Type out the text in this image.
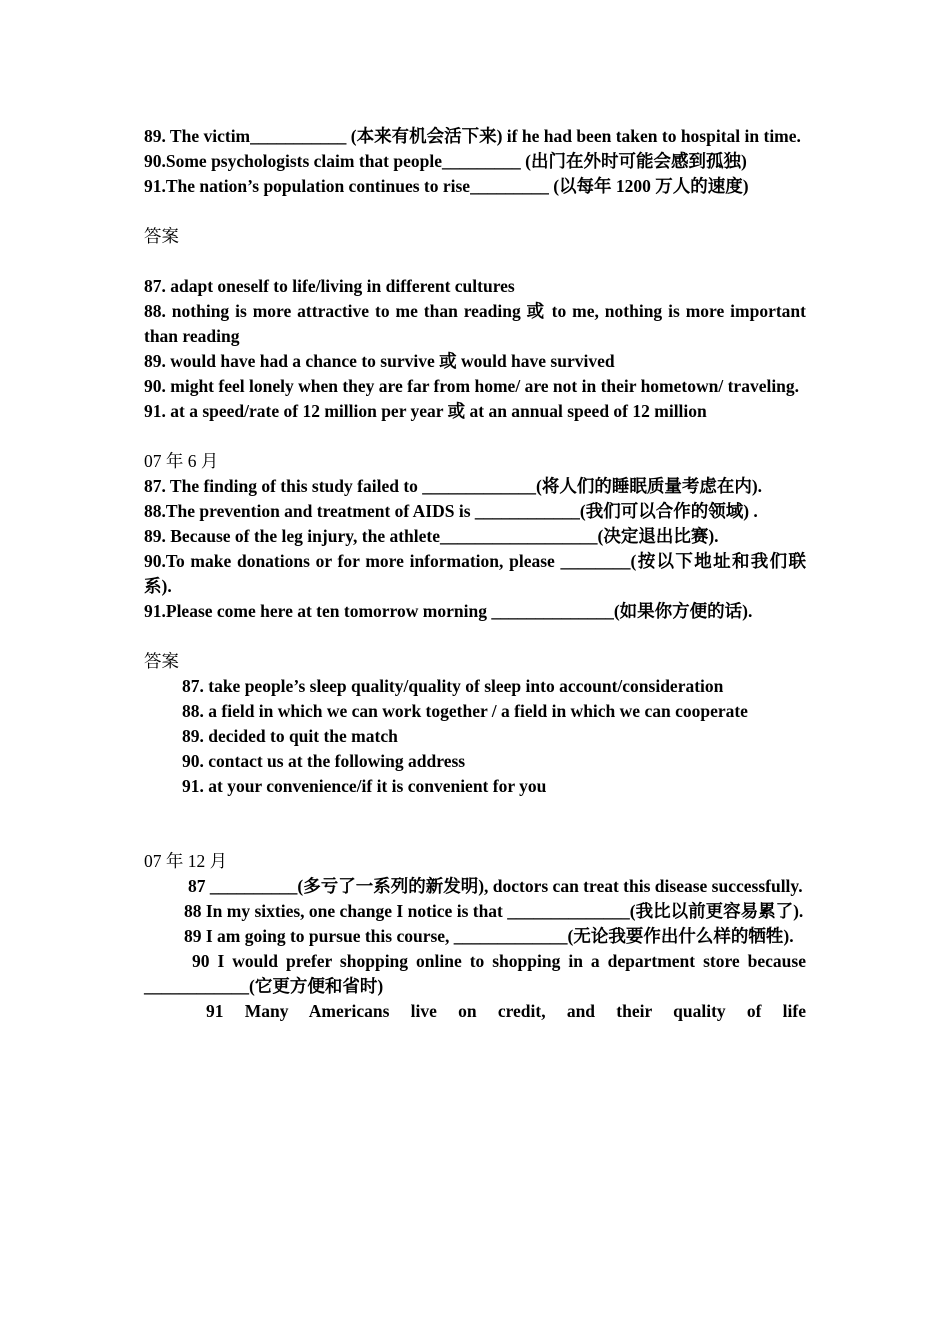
89. The victim___________ (本来有机会活下来) if he had been taken to hospital in time.

90.Some psychologists claim that people_________ (出门在外时可能会感到孤独)

91.The nation’s population continues to rise_________ (以每年 1200 万人的速度)

答案

87. adapt oneself to life/living in different cultures

88. nothing is more attractive to me than reading 或 to me, nothing is more important than reading

89. would have had a chance to survive 或 would have survived

90. might feel lonely when they are far from home/ are not in their hometown/ traveling.

91. at a speed/rate of 12 million per year 或 at an annual speed of 12 million

07 年 6 月

87. The finding of this study failed to _____________(将人们的睡眠质量考虑在内).

88.The prevention and treatment of AIDS is ____________(我们可以合作的领域) .

89. Because of the leg injury, the athlete__________________(决定退出比赛).

90.To make donations or for more information, please ________(按以下地址和我们联系).

91.Please come here at ten tomorrow morning ______________(如果你方便的话).

答案

87. take people’s sleep quality/quality of sleep into account/consideration

88. a field in which we can work together / a field in which we can cooperate

89. decided to quit the match

90. contact us at the following address

91. at your convenience/if it is convenient for you

07 年 12 月

87 __________(多亏了一系列的新发明), doctors can treat this disease successfully.

88 In my sixties, one change I notice is that ______________(我比以前更容易累了).

89 I am going to pursue this course, _____________(无论我要作出什么样的牺牲).

90 I would prefer shopping online to shopping in a department store because ____________(它更方便和省时)

91 Many Americans live on credit, and their quality of life
